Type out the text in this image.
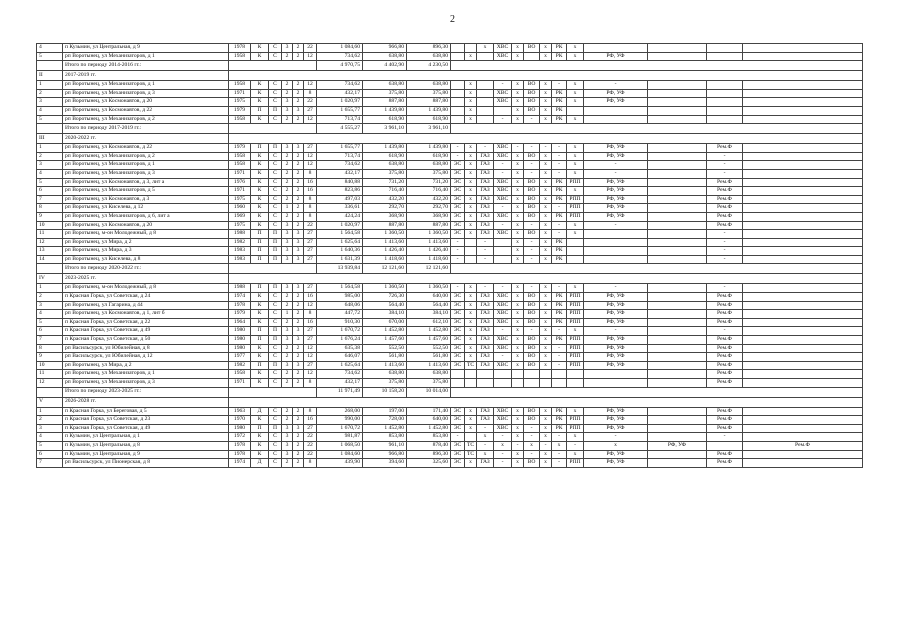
2
4	п Кузьмин, ул Центральная, д 9	1978	К	С	3	2	22	1 084,60	966,80	896,30			х	ХВС	х	ВО	х	РК	х					
5	рп Воротынец, ул Механизаторов, д 1	1958	К	С	2	2	12	734,62	638,80	638,80		х		ХВС	х		х	РК	х	РФ, УФ				
	Итого по периоду 2014-2016 гг.:							4 970,75	4 402,90	4 230,50														
II	2017-2019 гг.																							
1	рп Воротынец, ул Механизаторов, д 1	1958	К	С	2	2	12	734,62	638,80	638,80		х		-	х	ВО	х	-	х	-				
2	рп Воротынец, ул Механизаторов, д 3	1971	К	С	2	2	8	432,17	375,80	375,80		х		ХВС	х	ВО	х	РК	х	РФ, УФ				
3	рп Воротынец, ул Космонавтов, д 20	1975	К	С	3	2	22	1 020,97	887,80	887,80		х		ХВС	х	ВО	х	РК	х	РФ, УФ				
4	рп Воротынец, ул Космонавтов, д 22	1979	П	П	3	3	27	1 655,77	1 439,80	1 439,80		х			х	ВО	х	РК						
5	рп Воротынец, ул Механизаторов, д 2	1958	К	С	2	2	12	713,74	618,90	618,90		х		-	х	-	х	РК	х					
	Итого по периоду 2017-2019 гг.:							4 555,27	3 961,10	3 961,10														
III	2020-2022 гг.																							
1	рп Воротынец, ул Космонавтов, д 22	1979	П	П	3	3	27	1 655,77	1 439,80	1 439,80	-	х	-	ХВС	-	-	-	-	х	РФ, УФ		Рем.Ф		
2	рп Воротынец, ул Механизаторов, д 2	1958	К	С	2	2	12	713,74	618,90	618,90	-	х	ГАЗ	ХВС	х	ВО	х	-	х	РФ, УФ		-		
3	рп Воротынец, ул Механизаторов, д 1	1958	К	С	2	2	12	734,62	638,80	638,80	ЭС	х	ГАЗ	-	х	-	х	-	х	-		-		
4	рп Воротынец, ул Механизаторов, д 3	1971	К	С	2	2	8	432,17	375,80	375,80	ЭС	х	ГАЗ	-	х	-	х	-	х	-		-		
5	рп Воротынец, ул Космонавтов, д 3, лит а	1976	К	С	2	2	16	840,88	731,20	731,20	ЭС	х	ГАЗ	ХВС	х	ВО	х	РК	РПП	РФ, УФ		Рем.Ф		
6	рп Воротынец, ул Механизаторов, д 5	1971	К	С	2	2	16	823,86	716,40	716,40	ЭС	х	ГАЗ	ХВС	х	ВО	х	РК	х	РФ, УФ		Рем.Ф		
7	рп Воротынец, ул Космонавтов, д 3	1975	К	С	2	2	8	497,03	432,20	432,20	ЭС	х	ГАЗ	ХВС	х	ВО	х	РК	РПП	РФ, УФ		Рем.Ф		
8	рп Воротынец, ул Киселева, д 12	1960	К	С	1	2	8	336,61	292,70	292,70	ЭС	х	ГАЗ	-	х	ВО	х	-	РПП	РФ, УФ		Рем.Ф		
9	рп Воротынец, ул Механизаторов, д 6, лит а	1969	К	С	2	2	8	424,24	368,90	368,90	ЭС	х	ГАЗ	ХВС	х	ВО	х	РК	РПП	РФ, УФ		Рем.Ф		
10	рп Воротынец, ул Космонавтов, д 20	1975	К	С	3	2	22	1 020,97	887,80	887,80	ЭС	х	ГАЗ	-	х	-	х	-	х	-		Рем.Ф		
11	рп Воротынец, м-он Молодежный, д 8	1988	П	П	3	3	27	1 564,58	1 360,50	1 360,50	ЭС	х	ГАЗ	ХВС	х	ВО	х	-	х			-		
12	рп Воротынец, ул Мира, д 2	1982	П	П	3	3	27	1 625,64	1 413,60	1 413,60	-		-		х	-	х	РК				-		
13	рп Воротынец, ул Мира, д 3	1983	П	П	3	3	27	1 640,36	1 426,40	1 426,40	-		-		х	-	х	РК				-		
14	рп Воротынец, ул Киселева, д 8	1983	П	П	3	3	27	1 631,39	1 418,60	1 418,60	-		-		х	-	х	РК				-		
	Итого по периоду 2020-2022 гг.:							13 939,84	12 121,60	12 121,60														
IV	2023-2025 гг.																							
1	рп Воротынец, м-он Молодежный, д 8	1988	П	П	3	3	27	1 564,58	1 360,50	1 360,50	-	х	-	-	х	-	х	-	х	-		-		
2	п Красная Горка, ул Советская, д 24	1974	К	С	2	2	16	985,00	726,30	640,00	ЭС	х	ГАЗ	ХВС	х	ВО	х	РК	РПП	РФ, УФ		Рем.Ф		
3	рп Воротынец, ул Гагарина, д 44	1978	К	С	2	2	12	648,06	564,40	564,40	ЭС	х	ГАЗ	ХВС	х	ВО	х	РК	РПП	РФ, УФ		Рем.Ф		
4	рп Воротынец, ул Космонавтов, д 1, лит б	1979	К	С	1	2	8	447,72	384,10	384,10	ЭС	х	ГАЗ	ХВС	х	ВО	х	РК	РПП	РФ, УФ		Рем.Ф		
5	п Красная Горка, ул Советская, д 22	1964	К	С	2	2	16	910,30	670,00	612,10	ЭС	х	ГАЗ	ХВС	х	ВО	х	РК	РПП	РФ, УФ		Рем.Ф		
6	п Красная Горка, ул Советская, д 49	1980	П	П	3	3	27	1 670,72	1 452,80	1 452,80	ЭС	х	ГАЗ	-	х	-	х	-	х	-		-		
7	п Красная Горка, ул Советская, д 50	1980	П	П	3	3	27	1 676,24	1 457,60	1 457,60	ЭС	х	ГАЗ	ХВС	х	ВО	х	РК	РПП	РФ, УФ		Рем.Ф		
8	рп Васильсурск, ул Юбилейная, д 8	1980	К	С	2	2	12	635,38	552,50	552,50	ЭС	х	ГАЗ	ХВС	х	ВО	х	-	РПП	РФ, УФ		Рем.Ф		
9	рп Васильсурск, ул Юбилейная, д 12	1977	К	С	2	2	12	646,07	561,80	561,80	ЭС	х	ГАЗ	-	х	ВО	х	-	РПП	РФ, УФ		Рем.Ф		
10	рп Воротынец, ул Мира, д 2	1982	П	П	3	3	27	1 625,64	1 413,60	1 413,60	ЭС	ТС	ГАЗ	ХВС	х	ВО	х	-	РПП	РФ, УФ		Рем.Ф		
11	рп Воротынец, ул Механизаторов, д 1	1958	К	С	2	2	12	734,62	638,80	638,80												Рем.Ф		
12	рп Воротынец, ул Механизаторов, д 3	1971	К	С	2	2	8	432,17	375,80	375,80												Рем.Ф		
	Итого по периоду 2023-2025 гг.:							11 971,49	10 158,20	10 014,00														
V	2026-2028 гг.																							
1	п Красная Горка, ул Береговая, д 5	1963	Д	С	2	2	8	268,00	197,00	171,40	ЭС	х	ГАЗ	ХВС	х	ВО	х	РК	х	РФ, УФ		Рем.Ф		
2	п Красная Горка, ул Советская, д 23	1970	К	С	2	2	16	990,00	728,00	640,00	ЭС	х	ГАЗ	ХВС	х	ВО	х	РК	РПП	РФ, УФ		Рем.Ф		
3	п Красная Горка, ул Советская, д 49	1980	П	П	3	3	27	1 670,72	1 452,80	1 452,80	ЭС	х	-	ХВС	х	-	х	РК	РПП	РФ, УФ		Рем.Ф		
4	п Кузьмин, ул Центральная, д 1	1972	К	С	3	2	22	981,87	853,80	853,80	-		х	-	х	-	х	-	х	-		-		
5	п Кузьмин, ул Центральная, д 8	1978	К	С	3	2	22	1 068,50	961,10	878,40	ЭС	ТС	-	х	-	х	-	х	-	х	РФ, УФ		Рем.Ф	
6	п Кузьмин, ул Центральная, д 9	1978	К	С	3	2	22	1 084,60	966,80	896,30	ЭС	ТС	х	-	х	-	х	-	х	РФ, УФ		Рем.Ф		
7	рп Васильсурск, ул Пионерская, д 8	1974	Д	С	2	2	8	439,90	394,60	325,60	ЭС	х	ГАЗ	-	х	ВО	х	-	РПП	РФ, УФ		Рем.Ф		
